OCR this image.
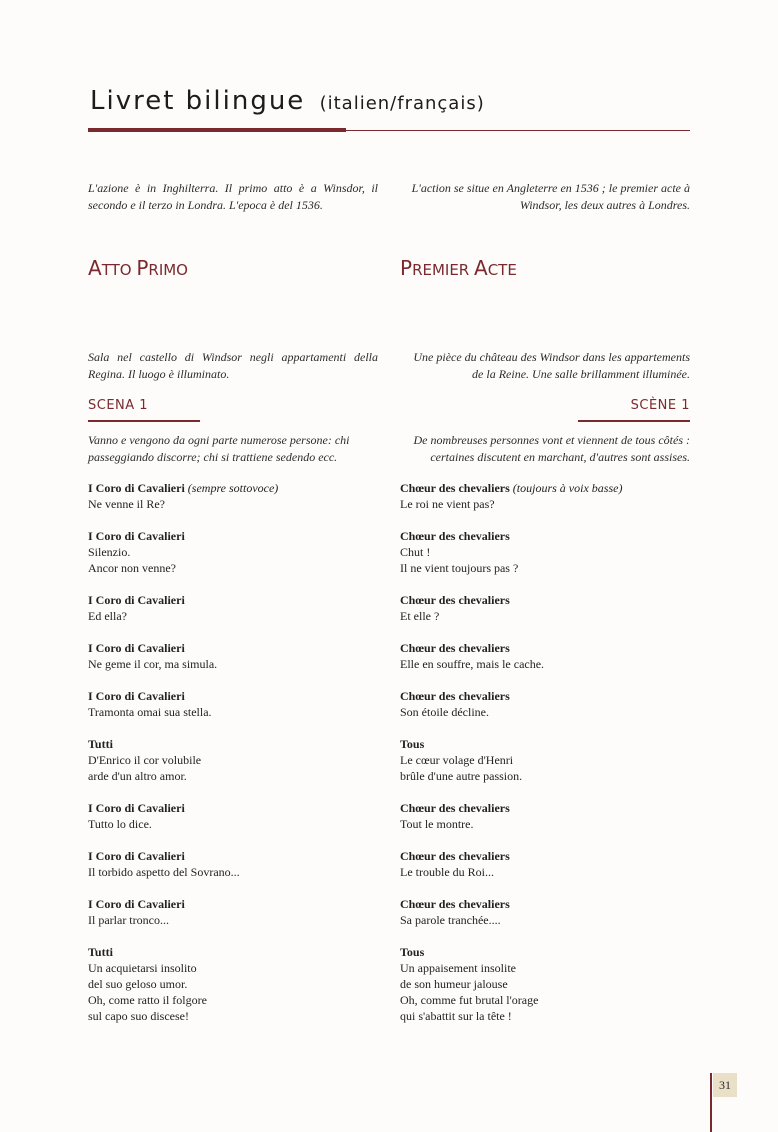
Livret bilingue (italien/français)
L'azione è in Inghilterra. Il primo atto è a Winsdor, il secondo e il terzo in Londra. L'epoca è del 1536.
L'action se situe en Angleterre en 1536 ; le premier acte à Windsor, les deux autres à Londres.
ATTO PRIMO	PREMIER ACTE
Sala nel castello di Windsor negli appartamenti della Regina. Il luogo è illuminato.
Une pièce du château des Windsor dans les appartements de la Reine. Une salle brillamment illuminée.
SCENA 1	SCÈNE 1
Vanno e vengono da ogni parte numerose persone: chi passeggiando discorre; chi si trattiene sedendo ecc.
De nombreuses personnes vont et viennent de tous côtés : certaines discutent en marchant, d'autres sont assises.
I Coro di Cavalieri (sempre sottovoce)
Ne venne il Re?
Chœur des chevaliers (toujours à voix basse)
Le roi ne vient pas?
I Coro di Cavalieri
Silenzio.
Ancor non venne?
Chœur des chevaliers
Chut !
Il ne vient toujours pas ?
I Coro di Cavalieri
Ed ella?
Chœur des chevaliers
Et elle ?
I Coro di Cavalieri
Ne geme il cor, ma simula.
Chœur des chevaliers
Elle en souffre, mais le cache.
I Coro di Cavalieri
Tramonta omai sua stella.
Chœur des chevaliers
Son étoile décline.
Tutti
D'Enrico il cor volubile
arde d'un altro amor.
Tous
Le cœur volage d'Henri
brûle d'une autre passion.
I Coro di Cavalieri
Tutto lo dice.
Chœur des chevaliers
Tout le montre.
I Coro di Cavalieri
Il torbido aspetto del Sovrano...
Chœur des chevaliers
Le trouble du Roi...
I Coro di Cavalieri
Il parlar tronco...
Chœur des chevaliers
Sa parole tranchée....
Tutti
Un acquietarsi insolito
del suo geloso umor.
Oh, come ratto il folgore
sul capo suo discese!
Tous
Un appaisement insolite
de son humeur jalouse
Oh, comme fut brutal l'orage
qui s'abattit sur la tête !
31
